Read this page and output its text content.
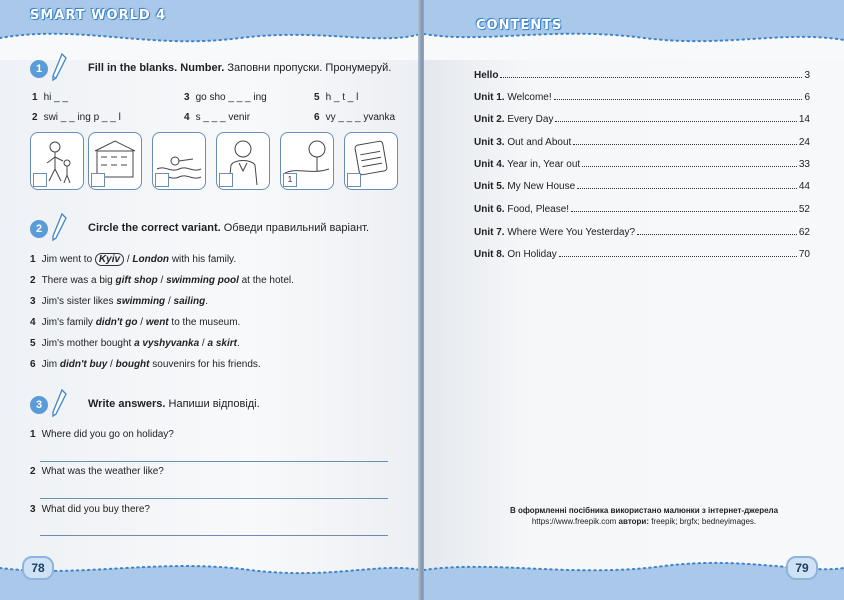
SMART WORLD 4
1	Fill in the blanks. Number. Заповни пропуски. Пронумеруй.
1 hi _ _	3 go sho _ _ _ ing	5 h _ t _ l
2 swi _ _ ing p _ _ l	4 s _ _ _ venir	6 vy _ _ _ yvanka
1
2	Circle the correct variant. Обведи правильний варіант.
1 Jim went to Kyiv / London with his family.
2 There was a big gift shop / swimming pool at the hotel.
3 Jim's sister likes swimming / sailing.
4 Jim's family didn't go / went to the museum.
5 Jim's mother bought a vyshyvanka / a skirt.
6 Jim didn't buy / bought souvenirs for his friends.
3	Write answers. Напиши відповіді.
1 Where did you go on holiday?
2 What was the weather like?
3 What did you buy there?
78
CONTENTS
Hello	3
Unit 1. Welcome!	6
Unit 2. Every Day	14
Unit 3. Out and About	24
Unit 4. Year in, Year out	33
Unit 5. My New House	44
Unit 6. Food, Please!	52
Unit 7. Where Were You Yesterday?	62
Unit 8. On Holiday	70
В оформленні посібника використано малюнки з інтернет-джерела
https://www.freepik.com автори: freepik; brgfx; bedneyimages.
79
